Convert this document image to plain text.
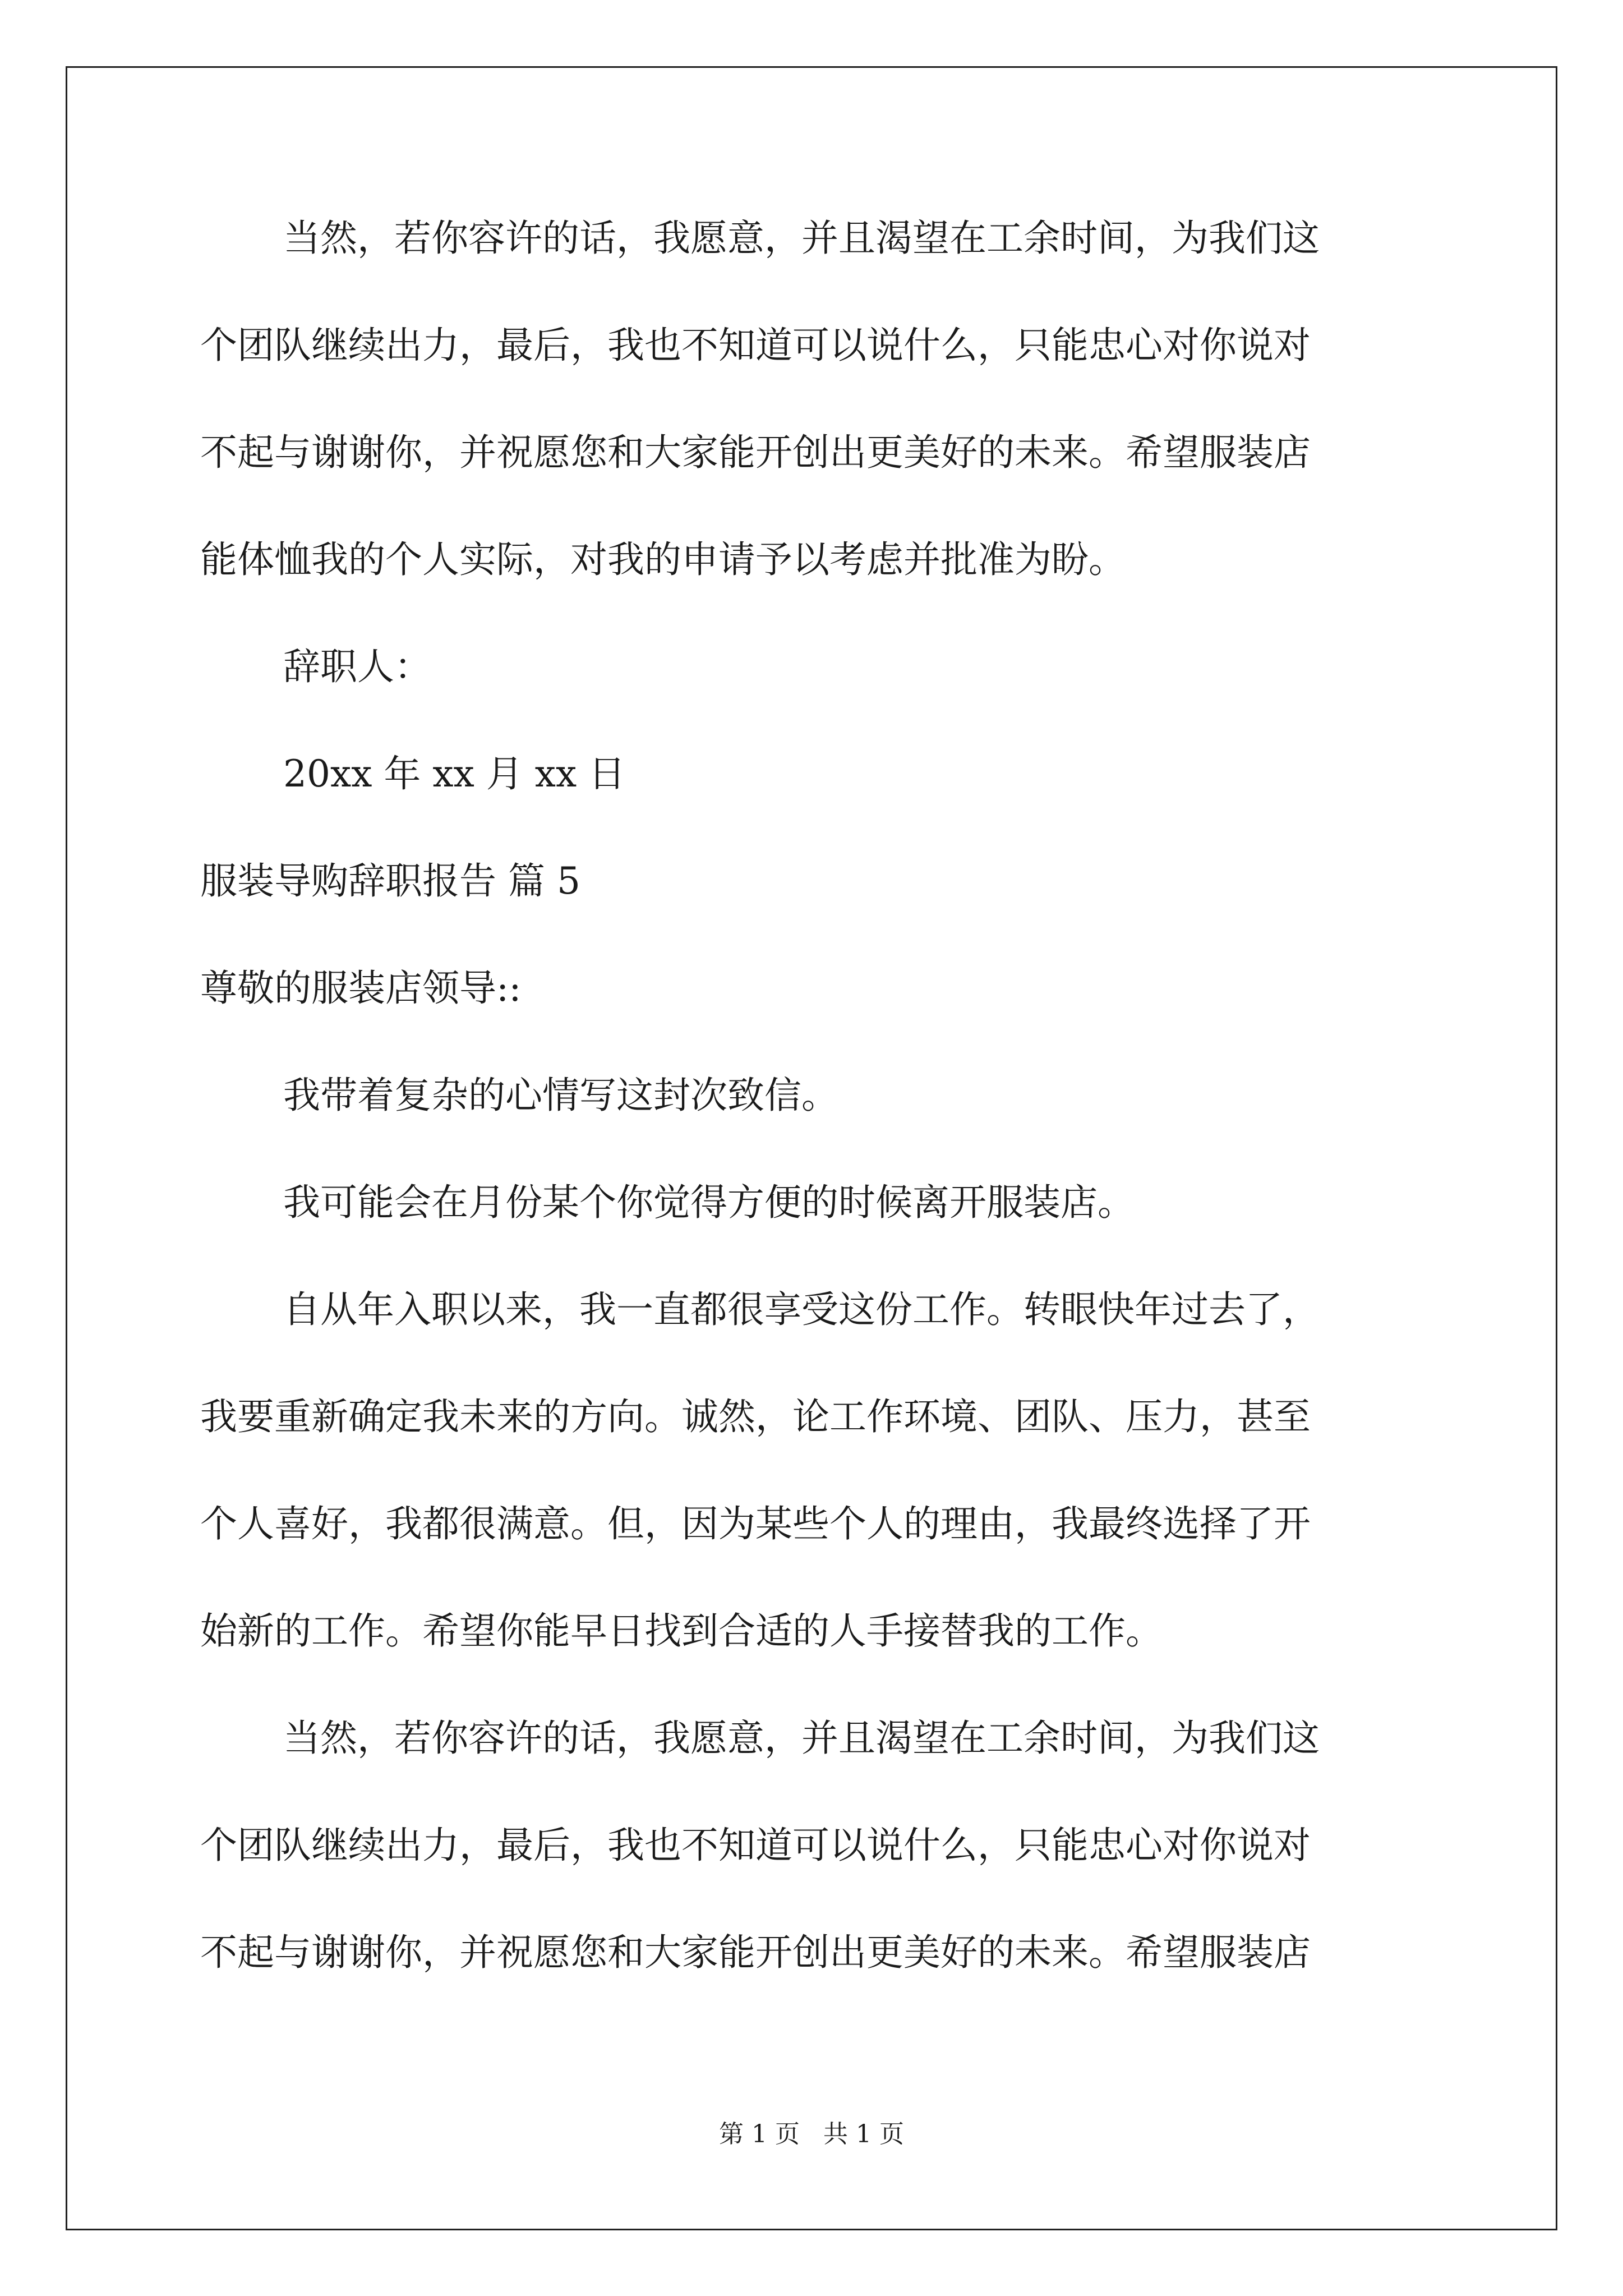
当然，若你容许的话，我愿意，并且渴望在工余时间，为我们这
个团队继续出力，最后，我也不知道可以说什么，只能忠心对你说对
不起与谢谢你，并祝愿您和大家能开创出更美好的未来。希望服装店
能体恤我的个人实际，对我的申请予以考虑并批准为盼。
辞职人：
20xx 年 xx 月 xx 日
服装导购辞职报告 篇 5
尊敬的服装店领导::
我带着复杂的心情写这封次致信。
我可能会在月份某个你觉得方便的时候离开服装店。
自从年入职以来，我一直都很享受这份工作。转眼快年过去了，
我要重新确定我未来的方向。诚然，论工作环境、团队、压力，甚至
个人喜好，我都很满意。但，因为某些个人的理由，我最终选择了开
始新的工作。希望你能早日找到合适的人手接替我的工作。
当然，若你容许的话，我愿意，并且渴望在工余时间，为我们这
个团队继续出力，最后，我也不知道可以说什么，只能忠心对你说对
不起与谢谢你，并祝愿您和大家能开创出更美好的未来。希望服装店
第 1 页   共 1 页
